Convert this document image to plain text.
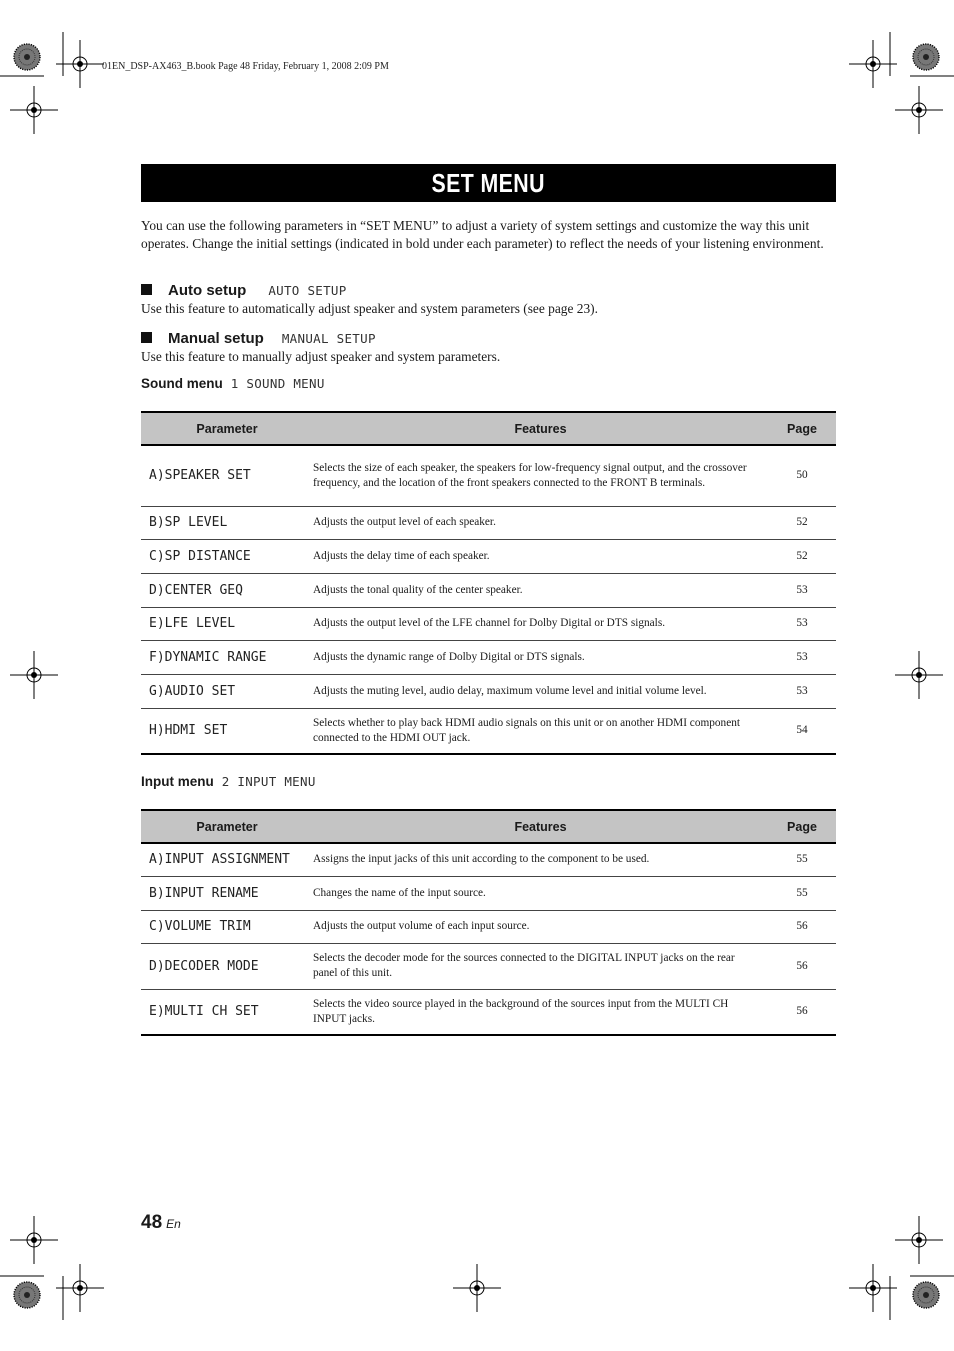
01EN_DSP-AX463_B.book Page 48 Friday, February 1, 2008 2:09 PM
SET MENU
You can use the following parameters in “SET MENU” to adjust a variety of system settings and customize the way this unit operates. Change the initial settings (indicated in bold under each parameter) to reflect the needs of your listening environment.
Auto setup AUTO SETUP
Use this feature to automatically adjust speaker and system parameters (see page 23).
Manual setup MANUAL SETUP
Use this feature to manually adjust speaker and system parameters.
Sound menu 1 SOUND MENU
Parameter	Features	Page
A)SPEAKER SET	Selects the size of each speaker, the speakers for low-frequency signal output, and the crossover frequency, and the location of the front speakers connected to the FRONT B terminals.	50
B)SP LEVEL	Adjusts the output level of each speaker.	52
C)SP DISTANCE	Adjusts the delay time of each speaker.	52
D)CENTER GEQ	Adjusts the tonal quality of the center speaker.	53
E)LFE LEVEL	Adjusts the output level of the LFE channel for Dolby Digital or DTS signals.	53
F)DYNAMIC RANGE	Adjusts the dynamic range of Dolby Digital or DTS signals.	53
G)AUDIO SET	Adjusts the muting level, audio delay, maximum volume level and initial volume level.	53
H)HDMI SET	Selects whether to play back HDMI audio signals on this unit or on another HDMI component connected to the HDMI OUT jack.	54
Input menu 2 INPUT MENU
Parameter	Features	Page
A)INPUT ASSIGNMENT	Assigns the input jacks of this unit according to the component to be used.	55
B)INPUT RENAME	Changes the name of the input source.	55
C)VOLUME TRIM	Adjusts the output volume of each input source.	56
D)DECODER MODE	Selects the decoder mode for the sources connected to the DIGITAL INPUT jacks on the rear panel of this unit.	56
E)MULTI CH SET	Selects the video source played in the background of the sources input from the MULTI CH INPUT jacks.	56
48 En
